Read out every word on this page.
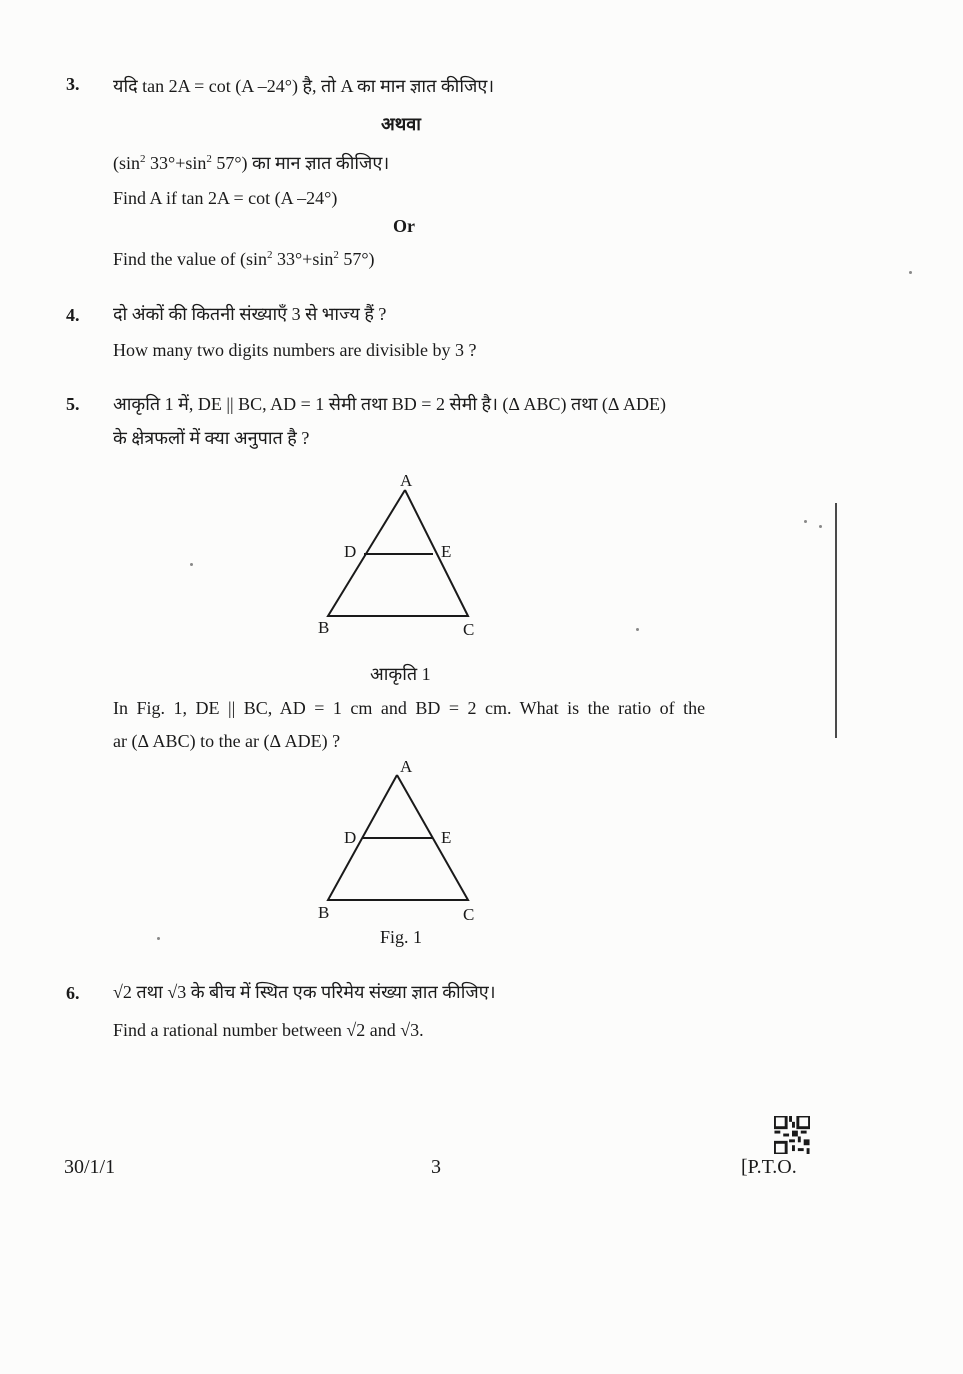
3. यदि tan 2A = cot (A –24°) है, तो A का मान ज्ञात कीजिए।
अथवा
($\sin^2$ $33^\circ+\sin^2$ 57°) का मान ज्ञात कीजिए।
Find A if tan 2A = cot (A –24°)
Or
Find the value of ($\sin^2$ $33^\circ+\sin^2$ 57°)
4. दो अंकों की कितनी संख्याएँ 3 से भाज्य हैं ?
How many two digits numbers are divisible by 3 ?
5. आकृति 1 में, DE || BC, AD = 1 सेमी तथा BD = 2 सेमी है। (Δ ABC) तथा (Δ ADE)
के क्षेत्रफलों में क्या अनुपात है ?
A
D	E
B	C
आकृति 1
In Fig. 1, DE || BC, AD = 1 cm and BD = 2 cm. What is the ratio of the
ar (Δ ABC) to the ar (Δ ADE) ?
A
D	E
B	C
Fig. 1
6. √2 तथा √3 के बीच में स्थित एक परिमेय संख्या ज्ञात कीजिए।
Find a rational number between √2 and √3.
30/1/1	3	[P.T.O.
